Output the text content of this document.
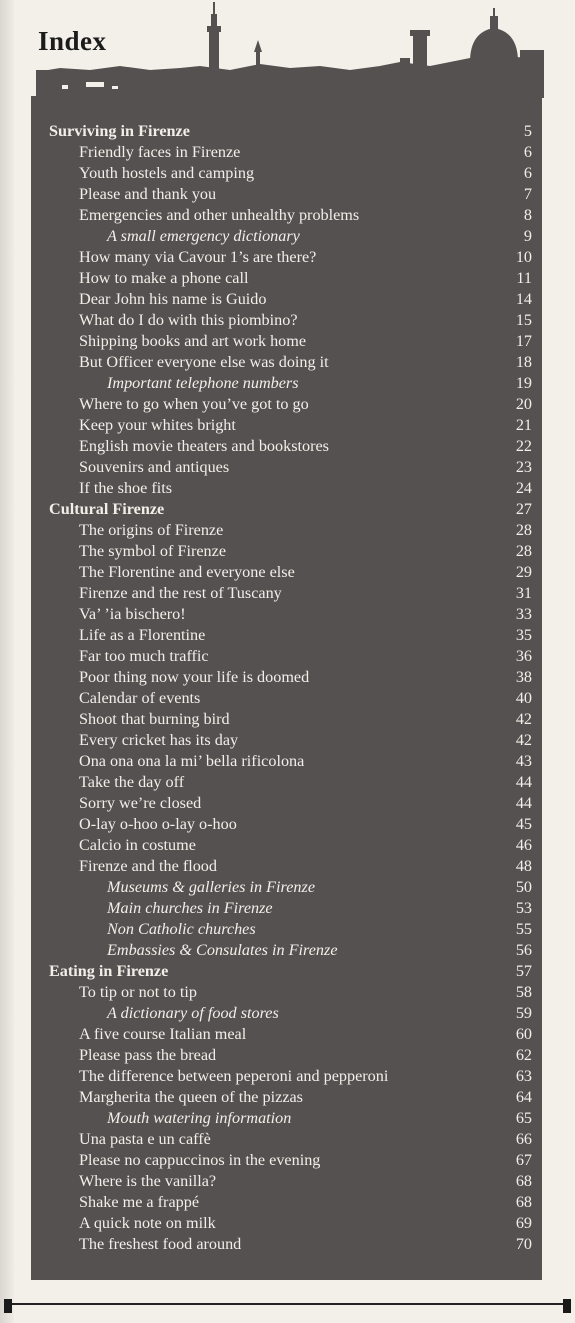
Index
Surviving in Firenze	5
Friendly faces in Firenze	6
Youth hostels and camping	6
Please and thank you	7
Emergencies and other unhealthy problems	8
A small emergency dictionary	9
How many via Cavour 1’s are there?	10
How to make a phone call	11
Dear John his name is Guido	14
What do I do with this piombino?	15
Shipping books and art work home	17
But Officer everyone else was doing it	18
Important telephone numbers	19
Where to go when you’ve got to go	20
Keep your whites bright	21
English movie theaters and bookstores	22
Souvenirs and antiques	23
If the shoe fits	24
Cultural Firenze	27
The origins of Firenze	28
The symbol of Firenze	28
The Florentine and everyone else	29
Firenze and the rest of Tuscany	31
Va’ ’ia bischero!	33
Life as a Florentine	35
Far too much traffic	36
Poor thing now your life is doomed	38
Calendar of events	40
Shoot that burning bird	42
Every cricket has its day	42
Ona ona ona la mi’ bella rificolona	43
Take the day off	44
Sorry we’re closed	44
O-lay o-hoo o-lay o-hoo	45
Calcio in costume	46
Firenze and the flood	48
Museums & galleries in Firenze	50
Main churches in Firenze	53
Non Catholic churches	55
Embassies & Consulates in Firenze	56
Eating in Firenze	57
To tip or not to tip	58
A dictionary of food stores	59
A five course Italian meal	60
Please pass the bread	62
The difference between peperoni and pepperoni	63
Margherita the queen of the pizzas	64
Mouth watering information	65
Una pasta e un caffè	66
Please no cappuccinos in the evening	67
Where is the vanilla?	68
Shake me a frappé	68
A quick note on milk	69
The freshest food around	70
